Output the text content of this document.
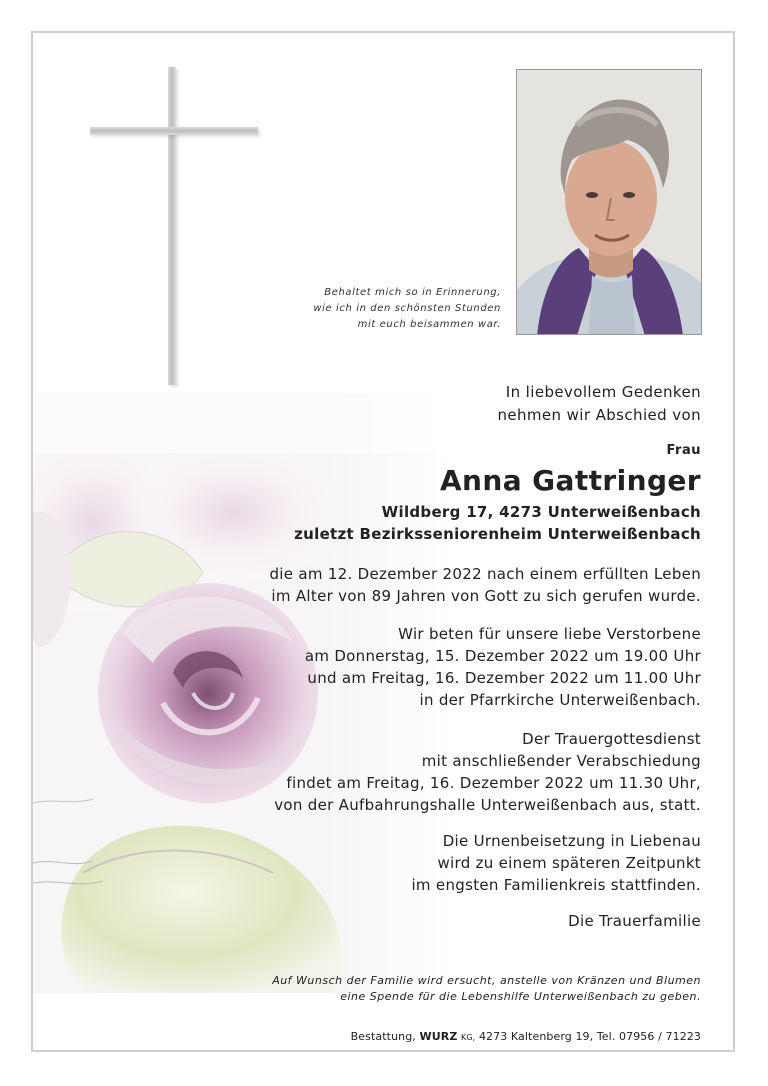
Behaltet mich so in Erinnerung,
wie ich in den schönsten Stunden
mit euch beisammen war.
In liebevollem Gedenken
nehmen wir Abschied von
Frau
Anna Gattringer
Wildberg 17, 4273 Unterweißenbach
zuletzt Bezirksseniorenheim Unterweißenbach
die am 12. Dezember 2022 nach einem erfüllten Leben
im Alter von 89 Jahren von Gott zu sich gerufen wurde.
Wir beten für unsere liebe Verstorbene
am Donnerstag, 15. Dezember 2022 um 19.00 Uhr
und am Freitag, 16. Dezember 2022 um 11.00 Uhr
in der Pfarrkirche Unterweißenbach.
Der Trauergottesdienst
mit anschließender Verabschiedung
findet am Freitag, 16. Dezember 2022 um 11.30 Uhr,
von der Aufbahrungshalle Unterweißenbach aus, statt.
Die Urnenbeisetzung in Liebenau
wird zu einem späteren Zeitpunkt
im engsten Familienkreis stattfinden.
Die Trauerfamilie
Auf Wunsch der Familie wird ersucht, anstelle von Kränzen und Blumen
eine Spende für die Lebenshilfe Unterweißenbach zu geben.
Bestattung, WURZ KG, 4273 Kaltenberg 19, Tel. 07956 / 71223
